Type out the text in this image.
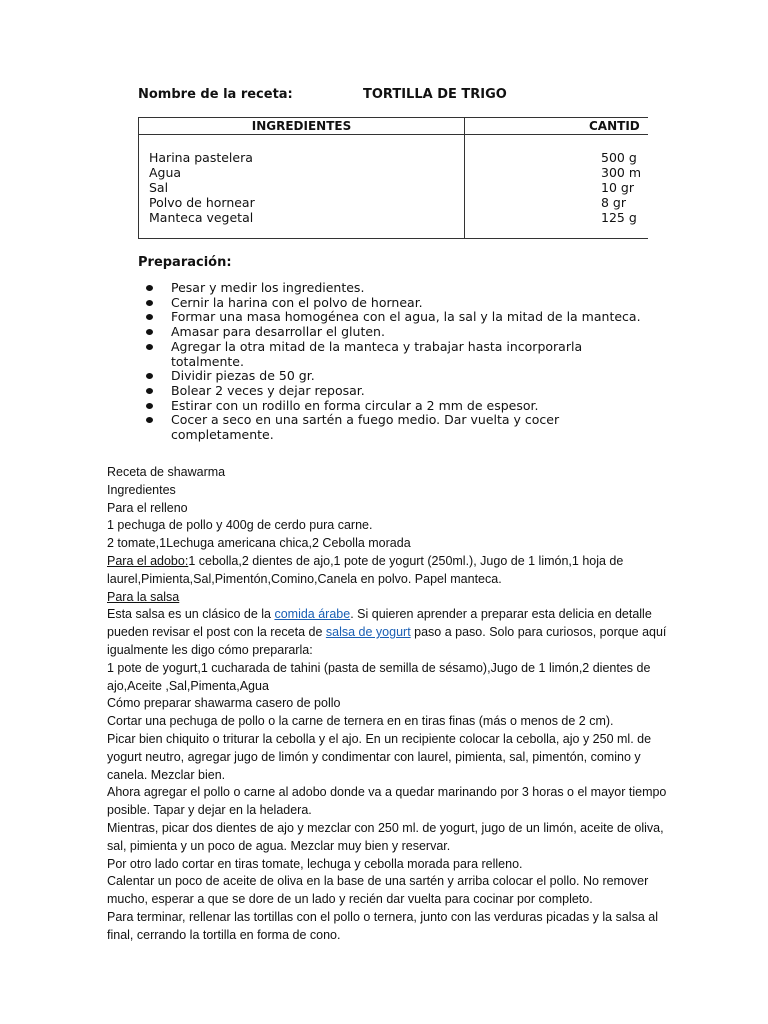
Nombre de la receta:	TORTILLA DE TRIGO
INGREDIENTES	CANTID
Harina pastelera
Agua
Sal
Polvo de hornear
Manteca vegetal
500 g
300 m
10 gr
8 gr
125 g
Preparación:
Pesar y medir los ingredientes.
Cernir la harina con el polvo de hornear.
Formar una masa homogénea con el agua, la sal y la mitad de la manteca.
Amasar para desarrollar el gluten.
Agregar la otra mitad de la manteca y trabajar hasta incorporarla totalmente.
Dividir piezas de 50 gr.
Bolear 2 veces y dejar reposar.
Estirar con un rodillo en forma circular a 2 mm de espesor.
Cocer a seco en una sartén a fuego medio. Dar vuelta y cocer completamente.

Receta de shawarma

Ingredientes

Para el relleno

1 pechuga de pollo y 400g de cerdo pura carne.

2 tomate,1Lechuga americana chica,2 Cebolla morada

Para el adobo:1 cebolla,2 dientes de ajo,1 pote de yogurt (250ml.), Jugo de 1 limón,1 hoja de laurel,Pimienta,Sal,Pimentón,Comino,Canela en polvo. Papel manteca.

Para la salsa

Esta salsa es un clásico de la comida árabe. Si quieren aprender a preparar esta delicia en detalle pueden revisar el post con la receta de salsa de yogurt paso a paso. Solo para curiosos, porque aquí igualmente les digo cómo prepararla:

1 pote de yogurt,1 cucharada de tahini (pasta de semilla de sésamo),Jugo de 1 limón,2 dientes de ajo,Aceite ,Sal,Pimenta,Agua

Cómo preparar shawarma casero de pollo

Cortar una pechuga de pollo o la carne de ternera en en tiras finas (más o menos de 2 cm).

Picar bien chiquito o triturar la cebolla y el ajo. En un recipiente colocar la cebolla, ajo y 250 ml. de yogurt neutro, agregar jugo de limón y condimentar con laurel, pimienta, sal, pimentón, comino y canela. Mezclar bien.

Ahora agregar el pollo o carne al adobo donde va a quedar marinando por 3 horas o el mayor tiempo posible. Tapar y dejar en la heladera.

Mientras, picar dos dientes de ajo y mezclar con 250 ml. de yogurt, jugo de un limón, aceite de oliva, sal, pimienta y un poco de agua. Mezclar muy bien y reservar.

Por otro lado cortar en tiras tomate, lechuga y cebolla morada para relleno.

Calentar un poco de aceite de oliva en la base de una sartén y arriba colocar el pollo. No remover mucho, esperar a que se dore de un lado y recién dar vuelta para cocinar por completo.

Para terminar, rellenar las tortillas con el pollo o ternera, junto con las verduras picadas y la salsa al final, cerrando la tortilla en forma de cono.
